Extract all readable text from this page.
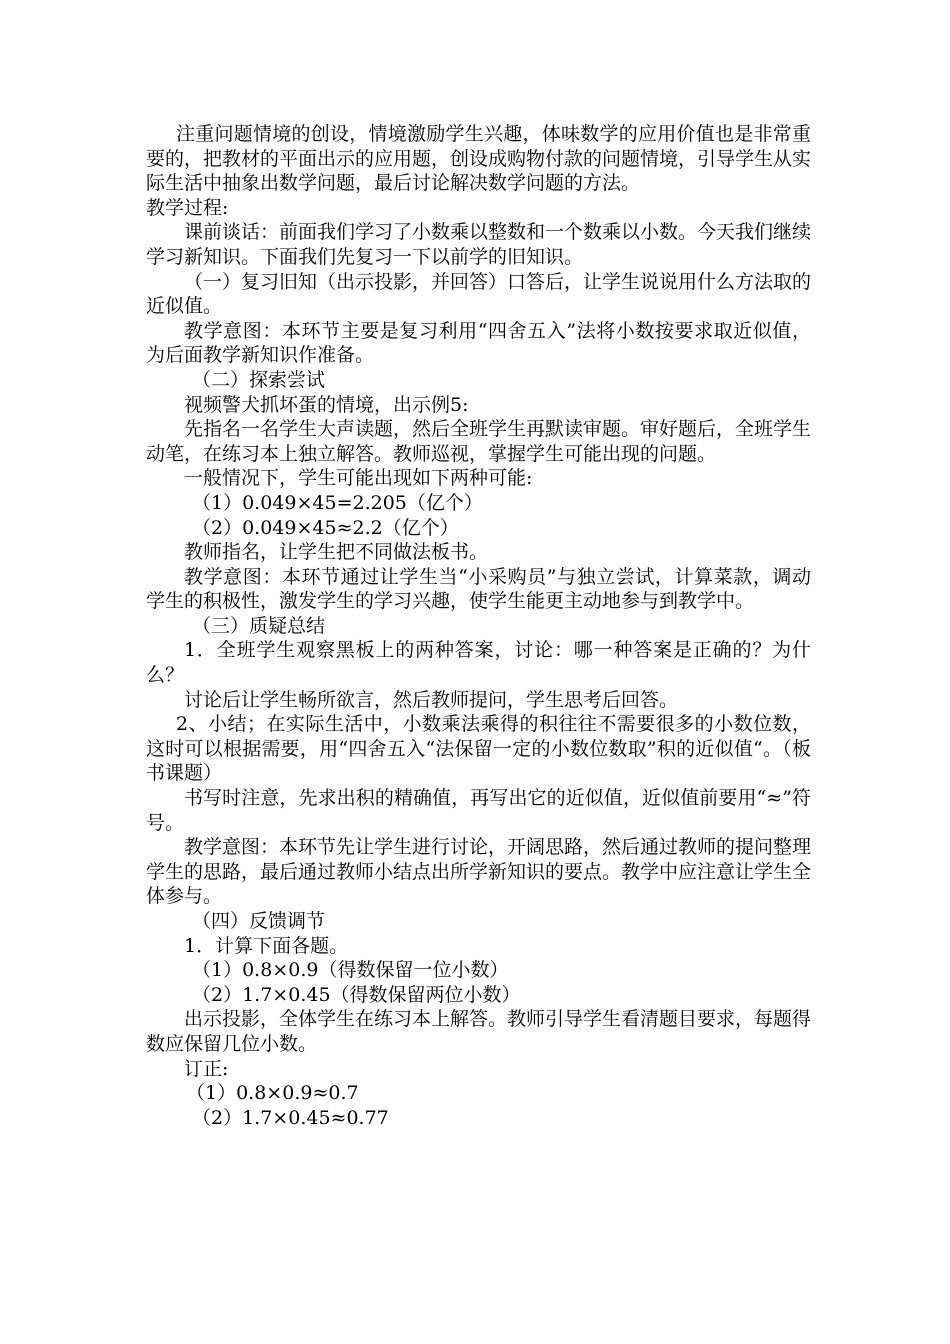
注重问题情境的创设，情境激励学生兴趣，体味数学的应用价值也是非常重要的，把教材的平面出示的应用题，创设成购物付款的问题情境，引导学生从实际生活中抽象出数学问题，最后讨论解决数学问题的方法。

教学过程:

课前谈话：前面我们学习了小数乘以整数和一个数乘以小数。今天我们继续学习新知识。下面我们先复习一下以前学的旧知识。

（一）复习旧知（出示投影，并回答）口答后，让学生说说用什么方法取的近似值。

教学意图：本环节主要是复习利用“四舍五入”法将小数按要求取近似值，为后面教学新知识作准备。

（二）探索尝试

视频警犬抓坏蛋的情境，出示例5:

先指名一名学生大声读题，然后全班学生再默读审题。审好题后，全班学生动笔，在练习本上独立解答。教师巡视，掌握学生可能出现的问题。

一般情况下，学生可能出现如下两种可能:

（1）0.049×45=2.205（亿个）

（2）0.049×45≈2.2（亿个）

教师指名，让学生把不同做法板书。

教学意图：本环节通过让学生当“小采购员”与独立尝试，计算菜款，调动学生的积极性，激发学生的学习兴趣，使学生能更主动地参与到教学中。

（三）质疑总结

1．全班学生观察黑板上的两种答案，讨论：哪一种答案是正确的？为什么？

讨论后让学生畅所欲言，然后教师提问，学生思考后回答。

2、小结；在实际生活中，小数乘法乘得的积往往不需要很多的小数位数，这时可以根据需要，用“四舍五入“法保留一定的小数位数取”积的近似值“。（板书课题）

书写时注意，先求出积的精确值，再写出它的近似值，近似值前要用“≈”符号。

教学意图：本环节先让学生进行讨论，开阔思路，然后通过教师的提问整理学生的思路，最后通过教师小结点出所学新知识的要点。教学中应注意让学生全体参与。

（四）反馈调节

1．计算下面各题。

（1）0.8×0.9（得数保留一位小数）

（2）1.7×0.45（得数保留两位小数）

出示投影，全体学生在练习本上解答。教师引导学生看清题目要求，每题得数应保留几位小数。

订正:

（1）0.8×0.9≈0.7

（2）1.7×0.45≈0.77
